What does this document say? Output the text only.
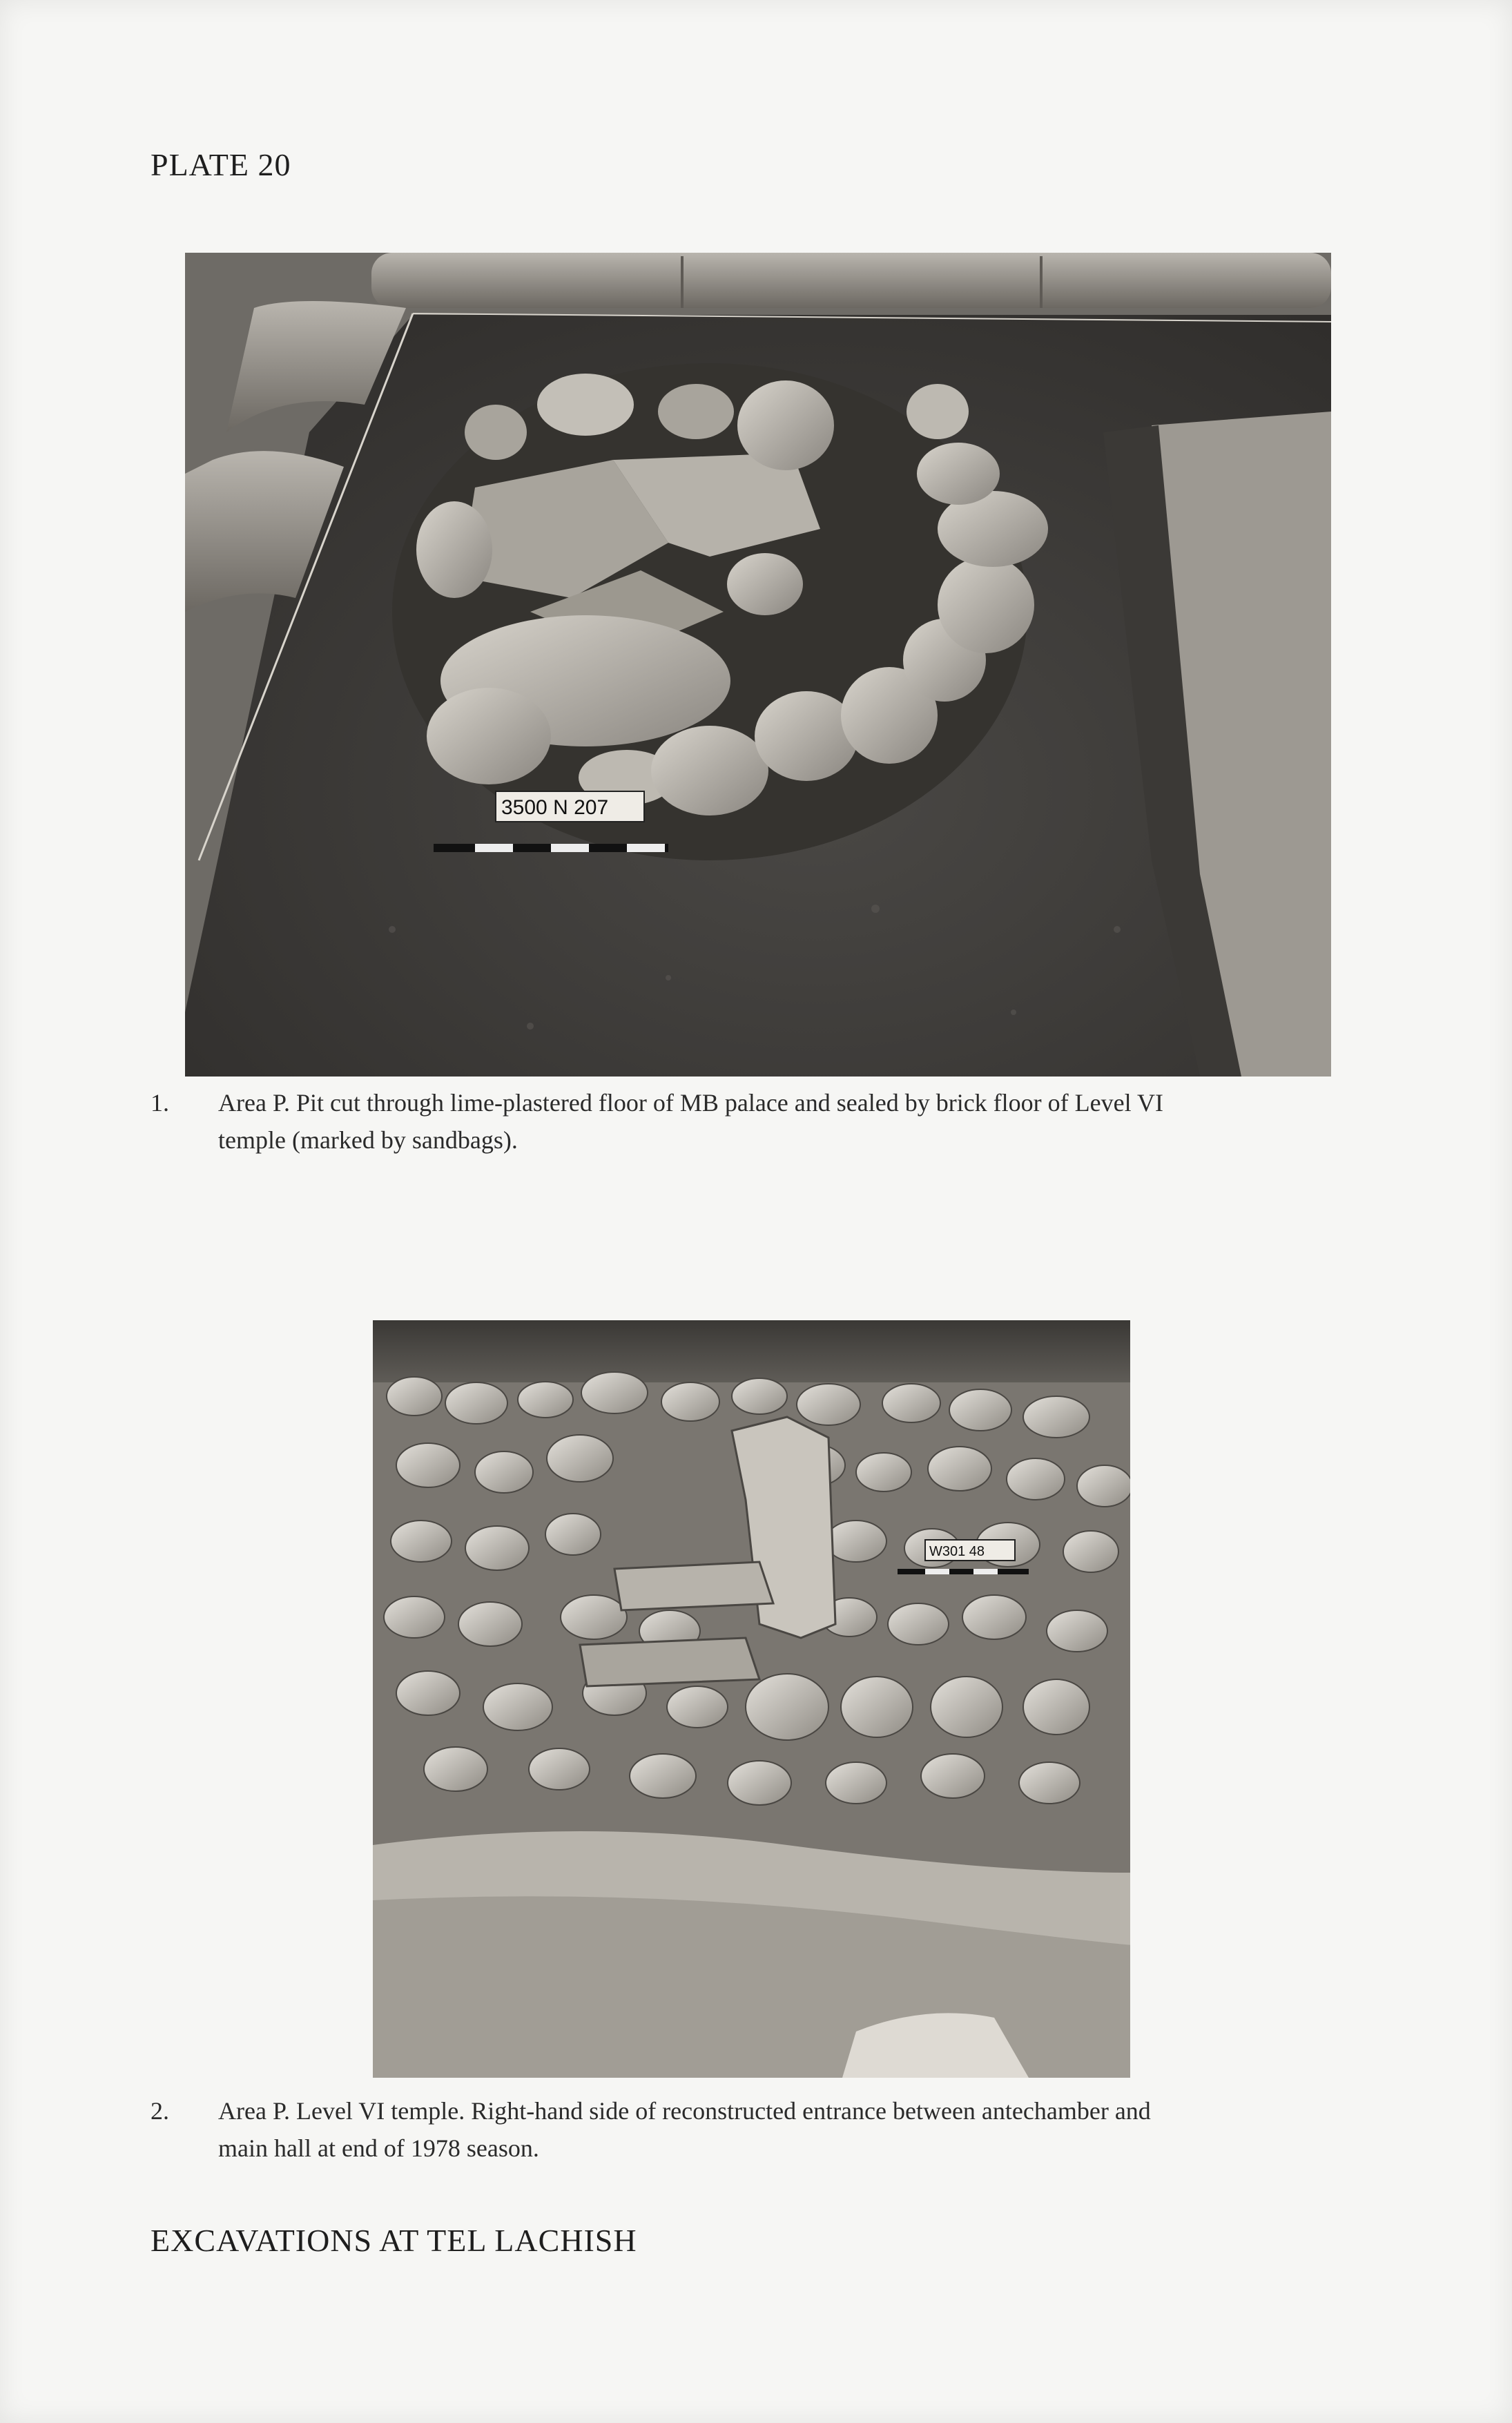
PLATE 20
3500 N 207
1. Area P. Pit cut through lime-plastered floor of MB palace and sealed by brick floor of Level VI
temple (marked by sandbags).
W301 48
2. Area P. Level VI temple. Right-hand side of reconstructed entrance between antechamber and
main hall at end of 1978 season.
EXCAVATIONS AT TEL LACHISH
